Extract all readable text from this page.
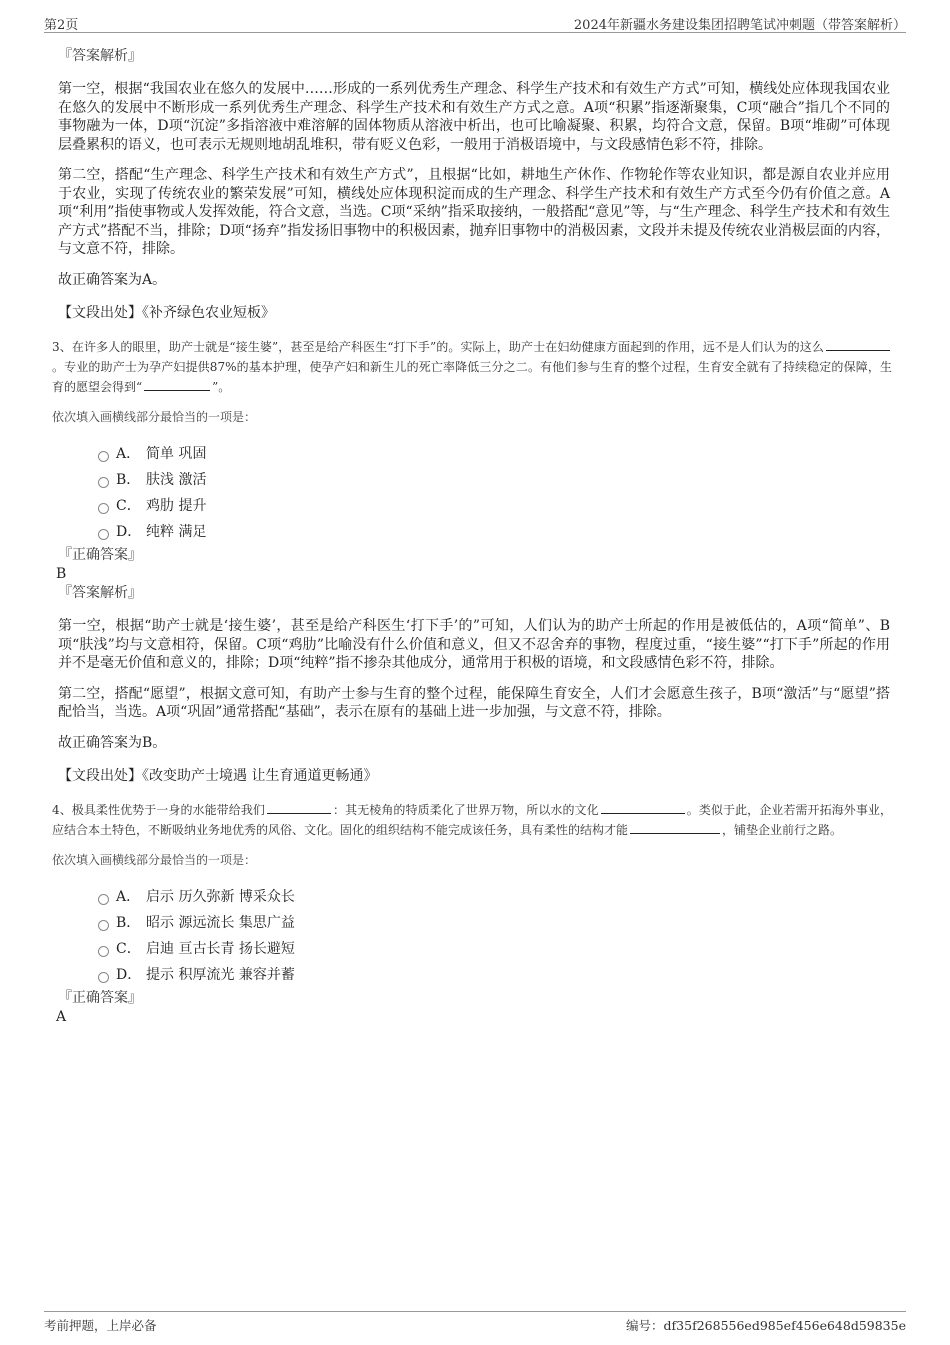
第2页	2024年新疆水务建设集团招聘笔试冲刺题（带答案解析）
『答案解析』

第一空，根据“我国农业在悠久的发展中……形成的一系列优秀生产理念、科学生产技术和有效生产方式”可知，横线处应体现我国农业在悠久的发展中不断形成一系列优秀生产理念、科学生产技术和有效生产方式之意。A项“积累”指逐渐聚集，C项“融合”指几个不同的事物融为一体，D项“沉淀”多指溶液中难溶解的固体物质从溶液中析出，也可比喻凝聚、积累，均符合文意，保留。B项“堆砌”可体现层叠累积的语义，也可表示无规则地胡乱堆积，带有贬义色彩，一般用于消极语境中，与文段感情色彩不符，排除。

第二空，搭配“生产理念、科学生产技术和有效生产方式”，且根据“比如，耕地生产休作、作物轮作等农业知识，都是源自农业并应用于农业，实现了传统农业的繁荣发展”可知，横线处应体现积淀而成的生产理念、科学生产技术和有效生产方式至今仍有价值之意。A项“利用”指使事物或人发挥效能，符合文意，当选。C项“采纳”指采取接纳，一般搭配“意见”等，与“生产理念、科学生产技术和有效生产方式”搭配不当，排除；D项“扬弃”指发扬旧事物中的积极因素，抛弃旧事物中的消极因素，文段并未提及传统农业消极层面的内容，与文意不符，排除。

故正确答案为A。

【文段出处】《补齐绿色农业短板》
3、在许多人的眼里，助产士就是“接生婆”，甚至是给产科医生“打下手”的。实际上，助产士在妇幼健康方面起到的作用，远不是人们认为的这么。专业的助产士为孕产妇提供87%的基本护理，使孕产妇和新生儿的死亡率降低三分之二。有他们参与生育的整个过程，生育安全就有了持续稳定的保障，生育的愿望会得到“	”。
依次填入画横线部分最恰当的一项是：
A． 简单 巩固
B． 肤浅 激活
C． 鸡肋 提升
D． 纯粹 满足
『正确答案』
B
『答案解析』

第一空，根据“助产士就是‘接生婆’，甚至是给产科医生‘打下手’的”可知，人们认为的助产士所起的作用是被低估的，A项“简单”、B项“肤浅”均与文意相符，保留。C项“鸡肋”比喻没有什么价值和意义，但又不忍舍弃的事物，程度过重，“接生婆”“打下手”所起的作用并不是毫无价值和意义的，排除；D项“纯粹”指不掺杂其他成分，通常用于积极的语境，和文段感情色彩不符，排除。

第二空，搭配“愿望”，根据文意可知，有助产士参与生育的整个过程，能保障生育安全，人们才会愿意生孩子，B项“激活”与“愿望”搭配恰当，当选。A项“巩固”通常搭配“基础”，表示在原有的基础上进一步加强，与文意不符，排除。

故正确答案为B。

【文段出处】《改变助产士境遇 让生育通道更畅通》
4、极具柔性优势于一身的水能带给我们	：其无棱角的特质柔化了世界万物，所以水的文化	。类似于此，企业若需开拓海外事业，应结合本土特色，不断吸纳业务地优秀的风俗、文化。固化的组织结构不能完成该任务，具有柔性的结构才能	，铺垫企业前行之路。
依次填入画横线部分最恰当的一项是：
A． 启示 历久弥新 博采众长
B． 昭示 源远流长 集思广益
C． 启迪 亘古长青 扬长避短
D． 提示 积厚流光 兼容并蓄
『正确答案』
A
考前押题，上岸必备	编号：df35f268556ed985ef456e648d59835e
